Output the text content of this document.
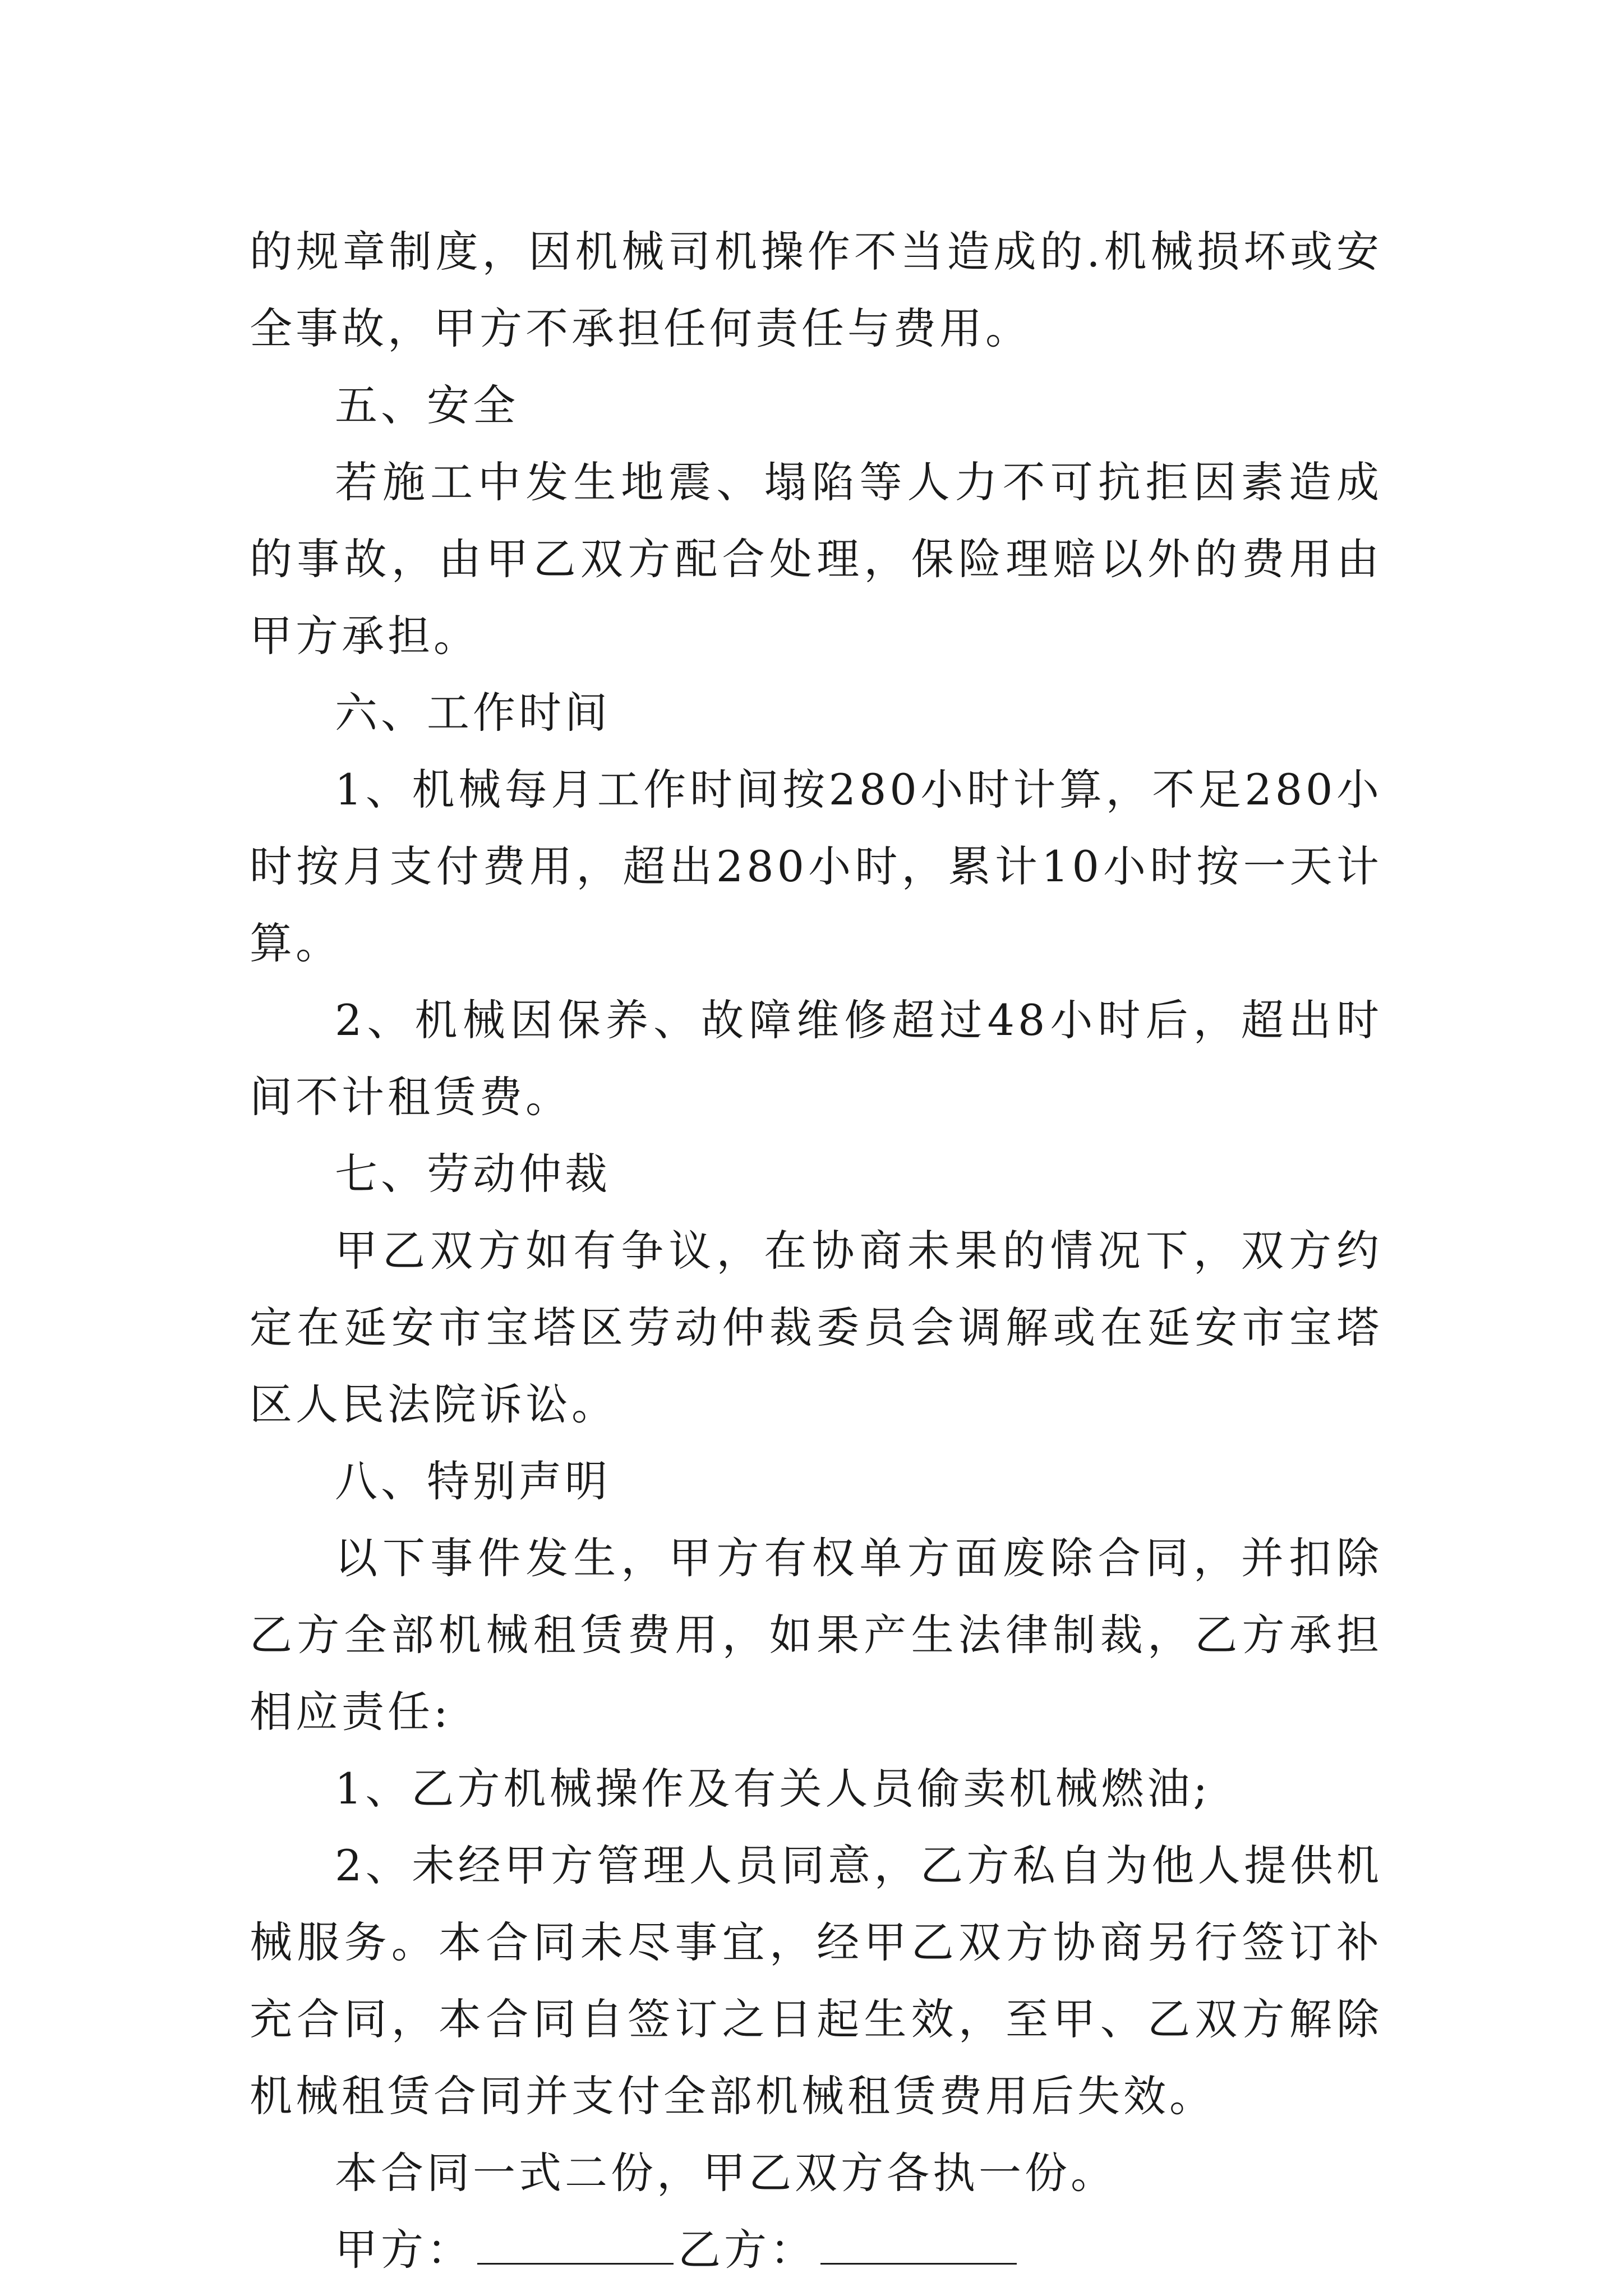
的规章制度，因机械司机操作不当造成的.机械损坏或安全事故，甲方不承担任何责任与费用。

五、安全

若施工中发生地震、塌陷等人力不可抗拒因素造成的事故，由甲乙双方配合处理，保险理赔以外的费用由甲方承担。

六、工作时间

1、机械每月工作时间按280小时计算，不足280小时按月支付费用，超出280小时，累计10小时按一天计算。

2、机械因保养、故障维修超过48小时后，超出时间不计租赁费。

七、劳动仲裁

甲乙双方如有争议，在协商未果的情况下，双方约定在延安市宝塔区劳动仲裁委员会调解或在延安市宝塔区人民法院诉讼。

八、特别声明

以下事件发生，甲方有权单方面废除合同，并扣除乙方全部机械租赁费用，如果产生法律制裁，乙方承担相应责任:

1、乙方机械操作及有关人员偷卖机械燃油;

2、未经甲方管理人员同意，乙方私自为他人提供机械服务。本合同未尽事宜，经甲乙双方协商另行签订补充合同，本合同自签订之日起生效，至甲、乙双方解除机械租赁合同并支付全部机械租赁费用后失效。

本合同一式二份，甲乙双方各执一份。

甲方：	乙方：
